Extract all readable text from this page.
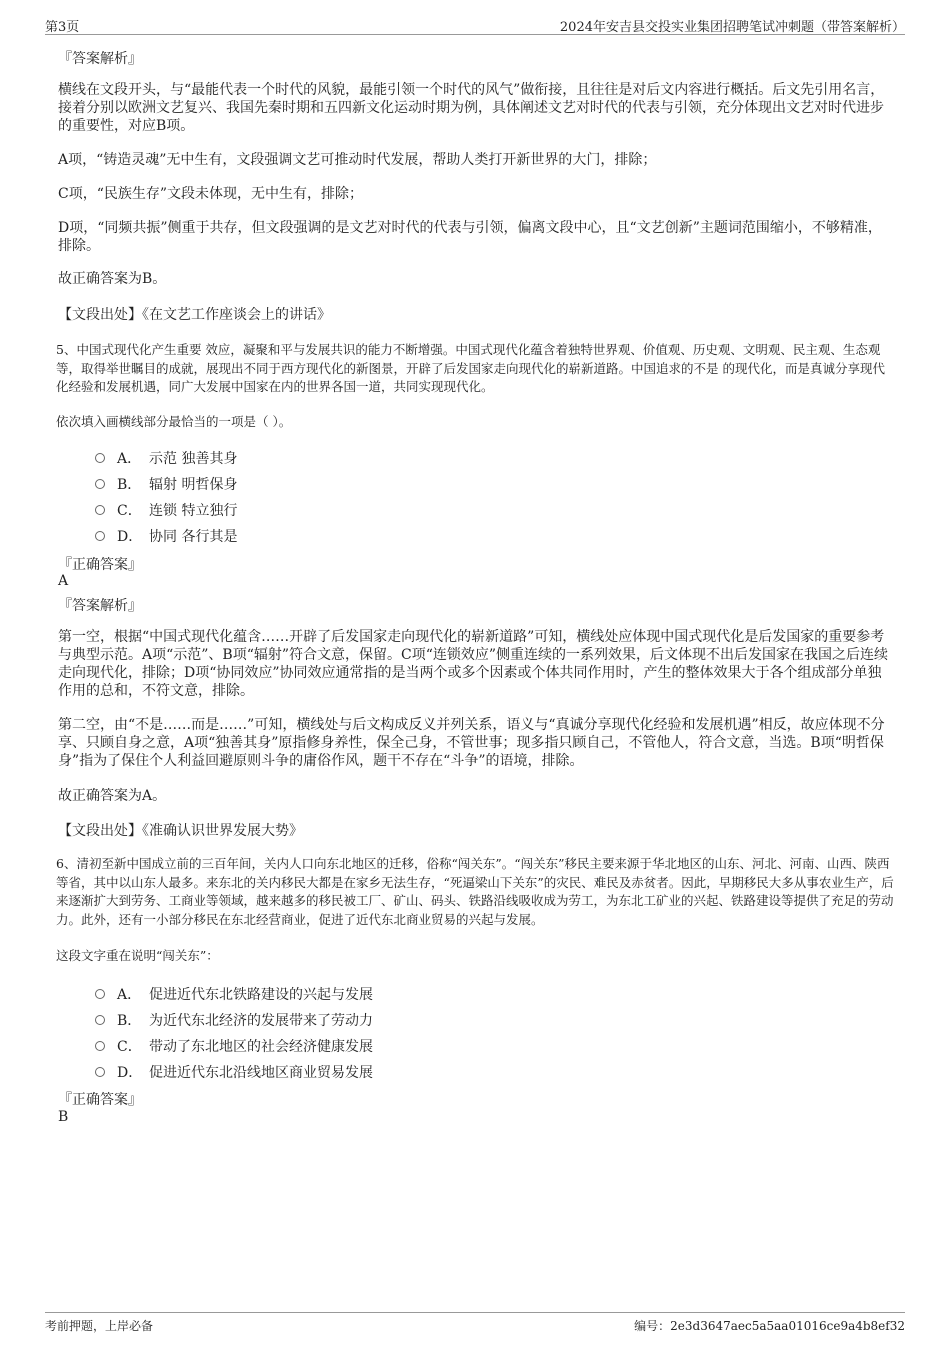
第3页	2024年安吉县交投实业集团招聘笔试冲刺题（带答案解析）
『答案解析』
横线在文段开头，与“最能代表一个时代的风貌，最能引领一个时代的风气”做衔接，且往往是对后文内容进行概括。后文先引用名言，接着分别以欧洲文艺复兴、我国先秦时期和五四新文化运动时期为例，具体阐述文艺对时代的代表与引领，充分体现出文艺对时代进步的重要性，对应B项。
A项，“铸造灵魂”无中生有，文段强调文艺可推动时代发展，帮助人类打开新世界的大门，排除；
C项，“民族生存”文段未体现，无中生有，排除；
D项，“同频共振”侧重于共存，但文段强调的是文艺对时代的代表与引领，偏离文段中心，且“文艺创新”主题词范围缩小，不够精准，排除。
故正确答案为B。
【文段出处】《在文艺工作座谈会上的讲话》
5、中国式现代化产生重要 效应，凝聚和平与发展共识的能力不断增强。中国式现代化蕴含着独特世界观、价值观、历史观、文明观、民主观、生态观等，取得举世瞩目的成就，展现出不同于西方现代化的新图景，开辟了后发国家走向现代化的崭新道路。中国追求的不是 的现代化，而是真诚分享现代化经验和发展机遇，同广大发展中国家在内的世界各国一道，共同实现现代化。
依次填入画横线部分最恰当的一项是（ ）。
A． 示范 独善其身
B． 辐射 明哲保身
C． 连锁 特立独行
D． 协同 各行其是
『正确答案』
A
『答案解析』
第一空，根据“中国式现代化蕴含……开辟了后发国家走向现代化的崭新道路”可知，横线处应体现中国式现代化是后发国家的重要参考与典型示范。A项“示范”、B项“辐射”符合文意，保留。C项“连锁效应”侧重连续的一系列效果，后文体现不出后发国家在我国之后连续走向现代化，排除；D项“协同效应”协同效应通常指的是当两个或多个因素或个体共同作用时，产生的整体效果大于各个组成部分单独作用的总和，不符文意，排除。
第二空，由“不是……而是……”可知，横线处与后文构成反义并列关系，语义与“真诚分享现代化经验和发展机遇”相反，故应体现不分享、只顾自身之意，A项“独善其身”原指修身养性，保全己身，不管世事；现多指只顾自己，不管他人，符合文意，当选。B项“明哲保身”指为了保住个人利益回避原则斗争的庸俗作风，题干不存在“斗争”的语境，排除。
故正确答案为A。
【文段出处】《准确认识世界发展大势》
6、清初至新中国成立前的三百年间，关内人口向东北地区的迁移，俗称“闯关东”。“闯关东”移民主要来源于华北地区的山东、河北、河南、山西、陕西等省，其中以山东人最多。来东北的关内移民大都是在家乡无法生存，“死逼梁山下关东”的灾民、难民及赤贫者。因此，早期移民大多从事农业生产，后来逐渐扩大到劳务、工商业等领域，越来越多的移民被工厂、矿山、码头、铁路沿线吸收成为劳工，为东北工矿业的兴起、铁路建设等提供了充足的劳动力。此外，还有一小部分移民在东北经营商业，促进了近代东北商业贸易的兴起与发展。
这段文字重在说明“闯关东”：
A． 促进近代东北铁路建设的兴起与发展
B． 为近代东北经济的发展带来了劳动力
C． 带动了东北地区的社会经济健康发展
D． 促进近代东北沿线地区商业贸易发展
『正确答案』
B
考前押题，上岸必备	编号：2e3d3647aec5a5aa01016ce9a4b8ef32
